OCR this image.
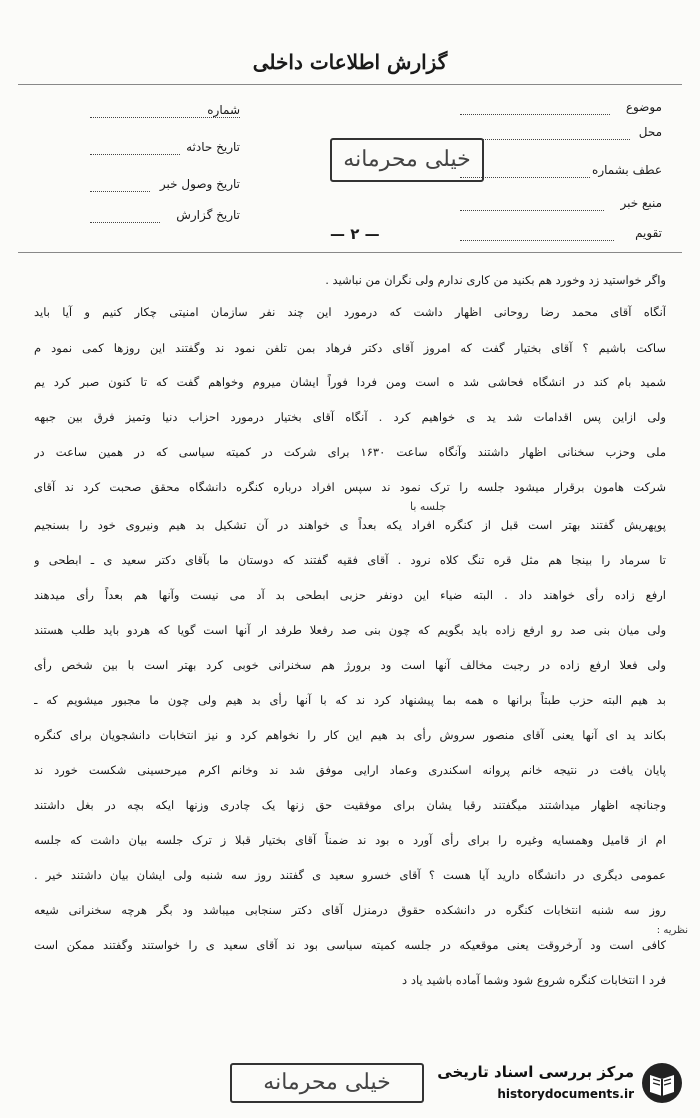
گزارش اطلاعات داخلی
موضوع
محل
عطف بشماره
منبع خبر
تقویم
شماره
تاریخ حادثه
تاریخ وصول خبر
تاریخ گزارش
خیلی محرمانه
— ۲ —
واگر خواستید زد وخورد هم بکنید من کاری ندارم ولی نگران من نباشید .
آنگاه آقای محمد رضا روحانی اظهار داشت که درمورد این چند نفر سازمان امنیتی چکار کنیم و آیا باید
ساکت باشیم ؟ آقای بختیار گفت که امروز آقای دکتر فرهاد بمن تلفن نمود ند وگفتند این روزها کمی نمود م
شمید بام کند در انشگاه فحاشی شد ه است ومن فردا فوراً ایشان میروم وخواهم گفت که تا کنون صبر کرد یم
ولی ازاین پس اقدامات شد ید ی خواهیم کرد . آنگاه آقای بختیار درمورد احزاب دنیا وتمیز فرق بین جبهه
ملی وحزب سخنانی اظهار داشتند وآنگاه ساعت ۱۶۳۰ برای شرکت در کمیته سیاسی که در همین ساعت در
شرکت هامون برقرار میشود جلسه را ترک نمود ند سپس افراد درباره کنگره دانشگاه محقق صحبت کرد ند آقای
جلسه با
پوپهریش گفتند بهتر است قبل از کنگره افراد یکه بعداً ی خواهند در آن تشکیل بد هیم ونیروی خود را بسنجیم
تا سرماد را بینجا هم مثل قره تنگ کلاه نرود . آقای فقیه گفتند که دوستان ما بآقای دکتر سعید ی ـ ابطحی و
ارفع زاده رأی خواهند داد . البته ضیاء این دونفر حزبی ابطحی بد آد می نیست وآنها هم بعداً رأی میدهند
ولی میان بنی صد رو ارفع زاده باید بگویم که چون بنی صد رفعلا طرفد ار آنها است گویا که هردو باید طلب هستند
ولی فعلا ارفع زاده در رجبت مخالف آنها است ود برورژ هم سخنرانی خوبی کرد بهتر است با بین شخص رأی
بد هیم البته حزب طبتاً برانها ه همه بما پیشنهاد کرد ند که با آنها رأی بد هیم ولی چون ما مجبور میشویم که ـ
بکاند ید ای آنها یعنی آقای منصور سروش رأی بد هیم این کار را نخواهم کرد و نیز انتخابات دانشجویان برای کنگره
پایان یافت در نتیجه خانم پروانه اسکندری وعماد ارایی موفق شد ند وخانم اکرم میرحسینی شکست خورد ند
وجنانچه اظهار میداشتند میگفتند رقبا یشان برای موفقیت حق زنها یک چادری وزنها ایکه بچه در بغل داشتند
ام از قامیل وهمسایه وغیره را برای رأی آورد ه بود ند ضمناً آقای بختیار قبلا ز ترک جلسه بیان داشت که جلسه
عمومی دیگری در دانشگاه دارید آیا هست ؟ آقای خسرو سعید ی گفتند روز سه شنبه ولی ایشان بیان داشتند خیر .
روز سه شنبه انتخابات کنگره در دانشکده حقوق درمنزل آقای دکتر سنجابی میباشد ود بگر هرچه سخنرانی شیعه
کافی است ود آرخروقت یعنی موقعیکه در جلسه کمیته سیاسی بود ند آقای سعید ی را خواستند وگفتند ممکن است
نظریه :
فرد ا انتخابات کنگره شروع شود وشما آماده باشید یاد د
خیلی محرمانه	مرکز بررسی اسناد تاریخی
historydocuments.ir
